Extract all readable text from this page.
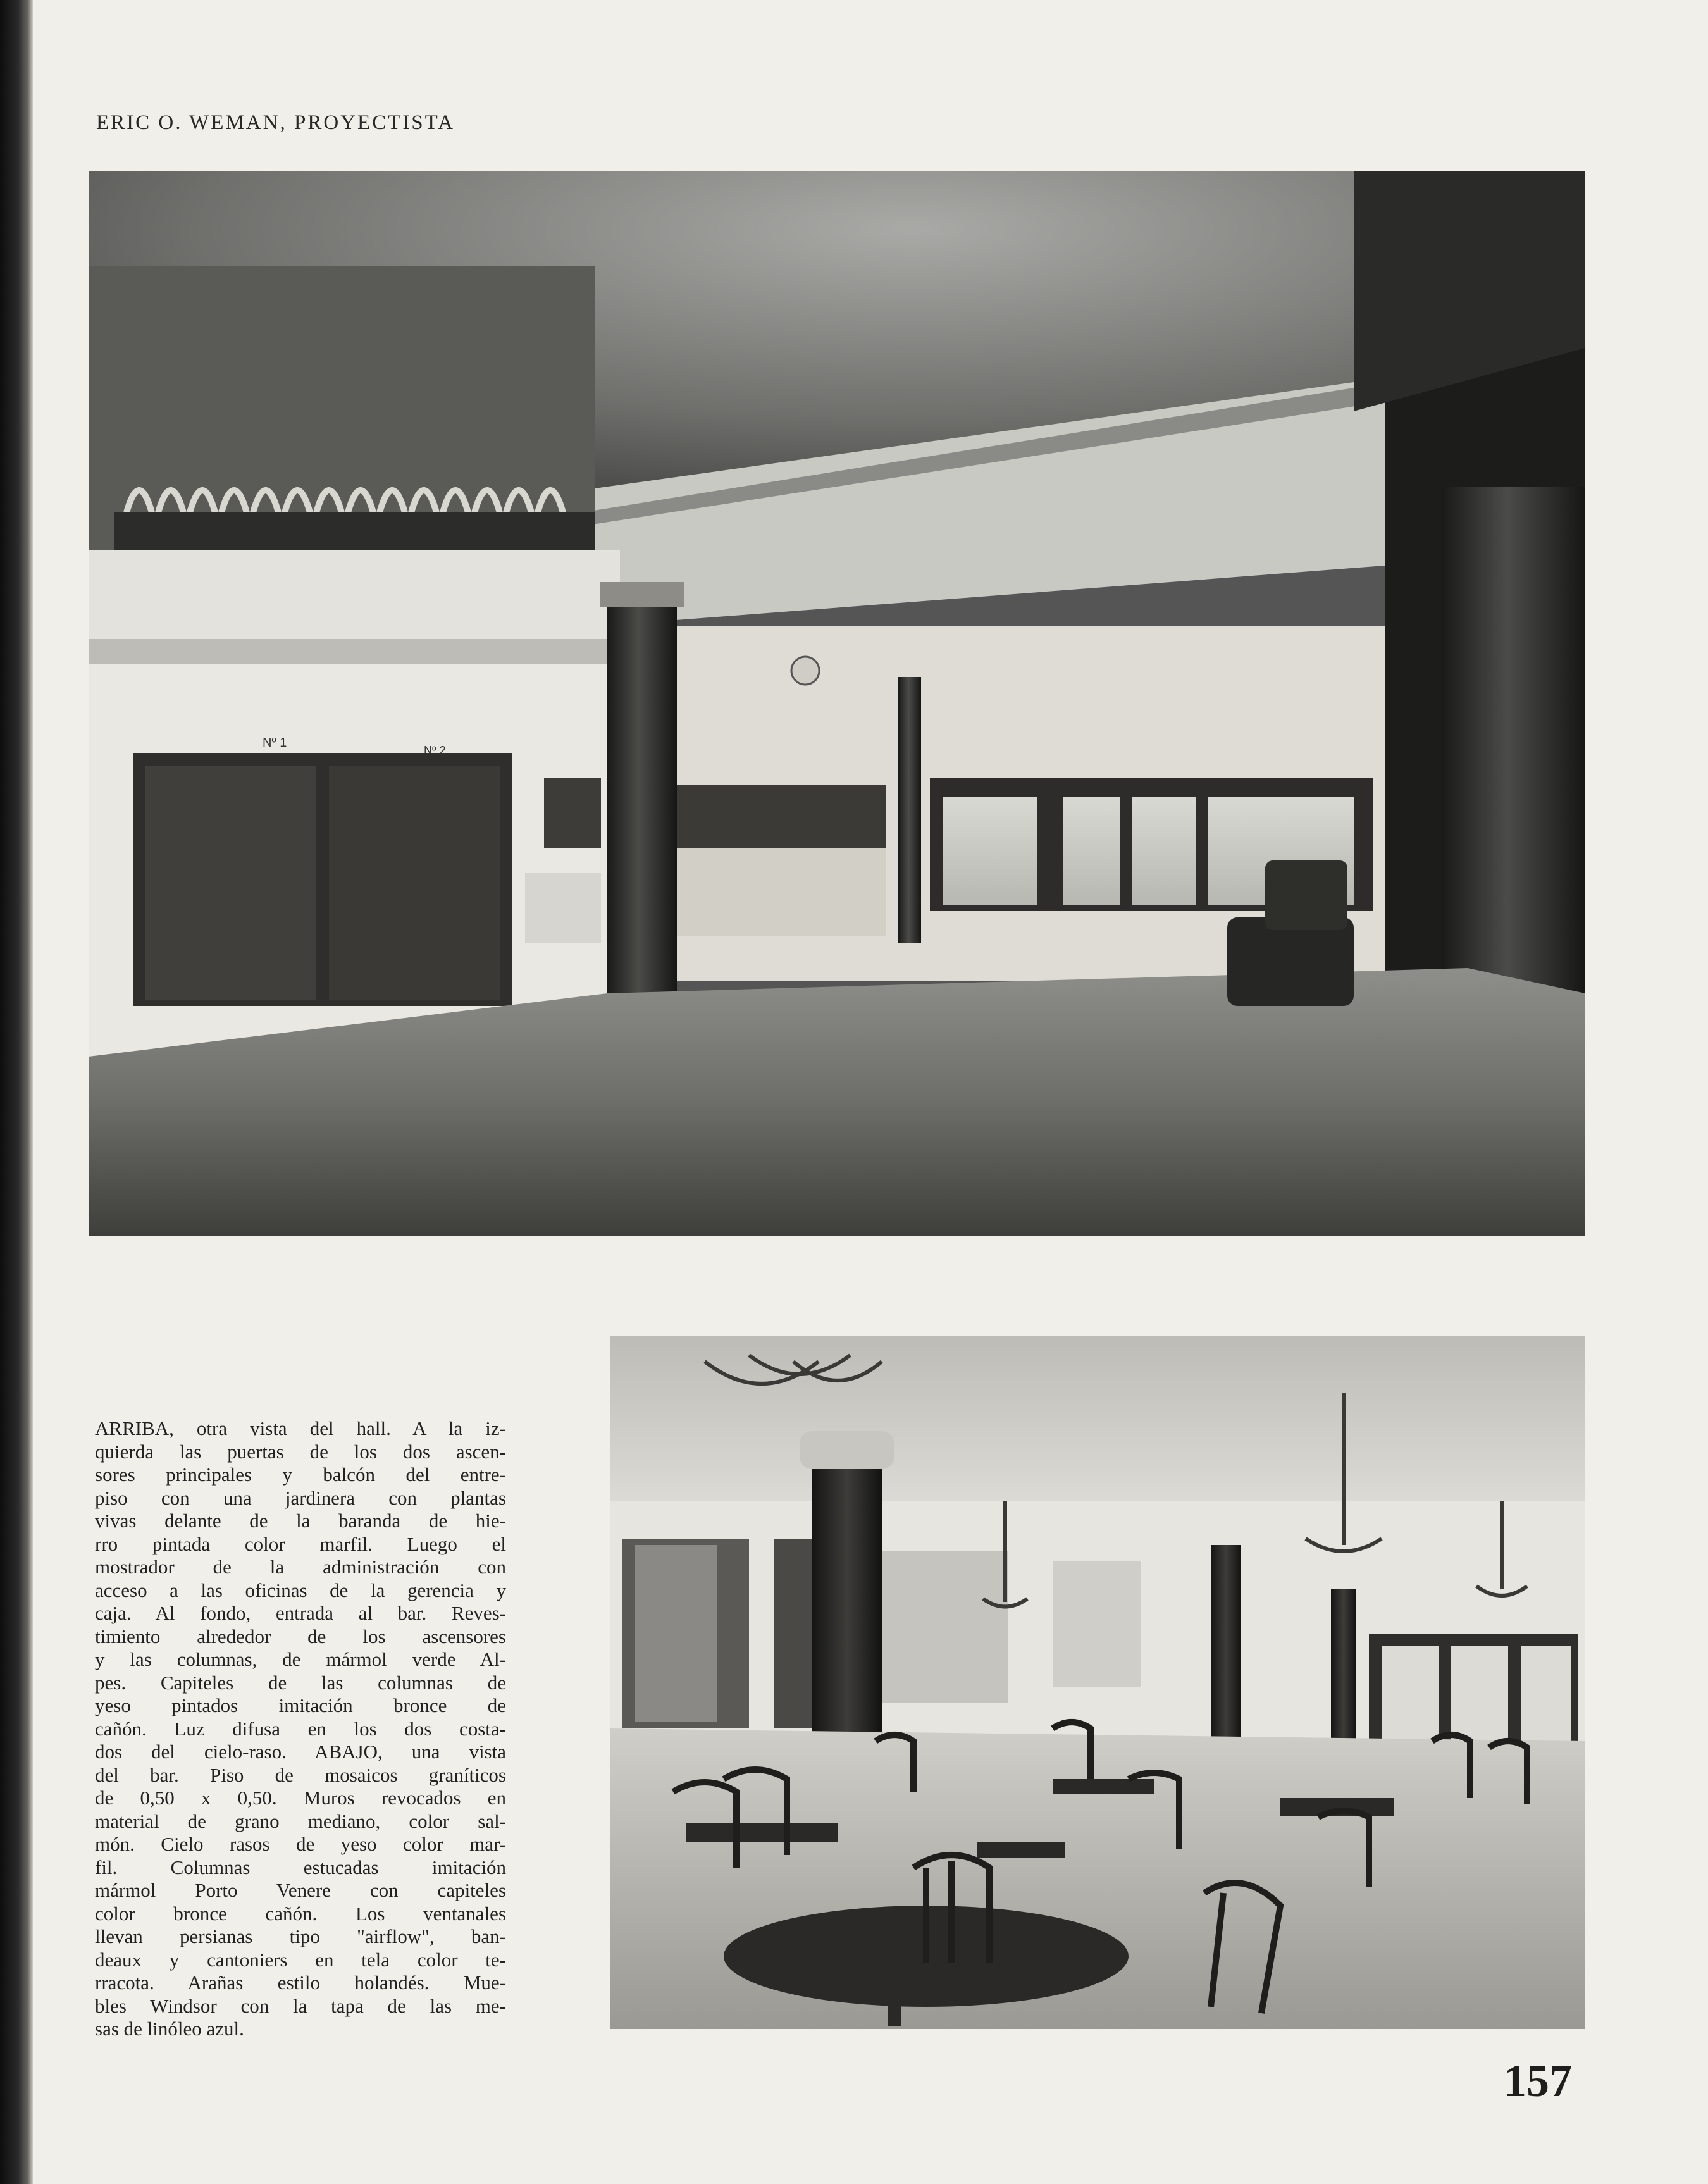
ERIC O. WEMAN, PROYECTISTA
Nº 1
Nº 2
ARRIBA, otra vista del hall. A la iz-
quierda las puertas de los dos ascen-
sores principales y balcón del entre-
piso con una jardinera con plantas
vivas delante de la baranda de hie-
rro pintada color marfil. Luego el
mostrador de la administración con
acceso a las oficinas de la gerencia y
caja. Al fondo, entrada al bar. Reves-
timiento alrededor de los ascensores
y las columnas, de mármol verde Al-
pes. Capiteles de las columnas de
yeso pintados imitación bronce de
cañón. Luz difusa en los dos costa-
dos del cielo-raso. ABAJO, una vista
del bar. Piso de mosaicos graníticos
de 0,50 x 0,50. Muros revocados en
material de grano mediano, color sal-
món. Cielo rasos de yeso color mar-
fil. Columnas estucadas imitación
mármol Porto Venere con capiteles
color bronce cañón. Los ventanales
llevan persianas tipo "airflow", ban-
deaux y cantoniers en tela color te-
rracota. Arañas estilo holandés. Mue-
bles Windsor con la tapa de las me-
sas de linóleo azul.
157
